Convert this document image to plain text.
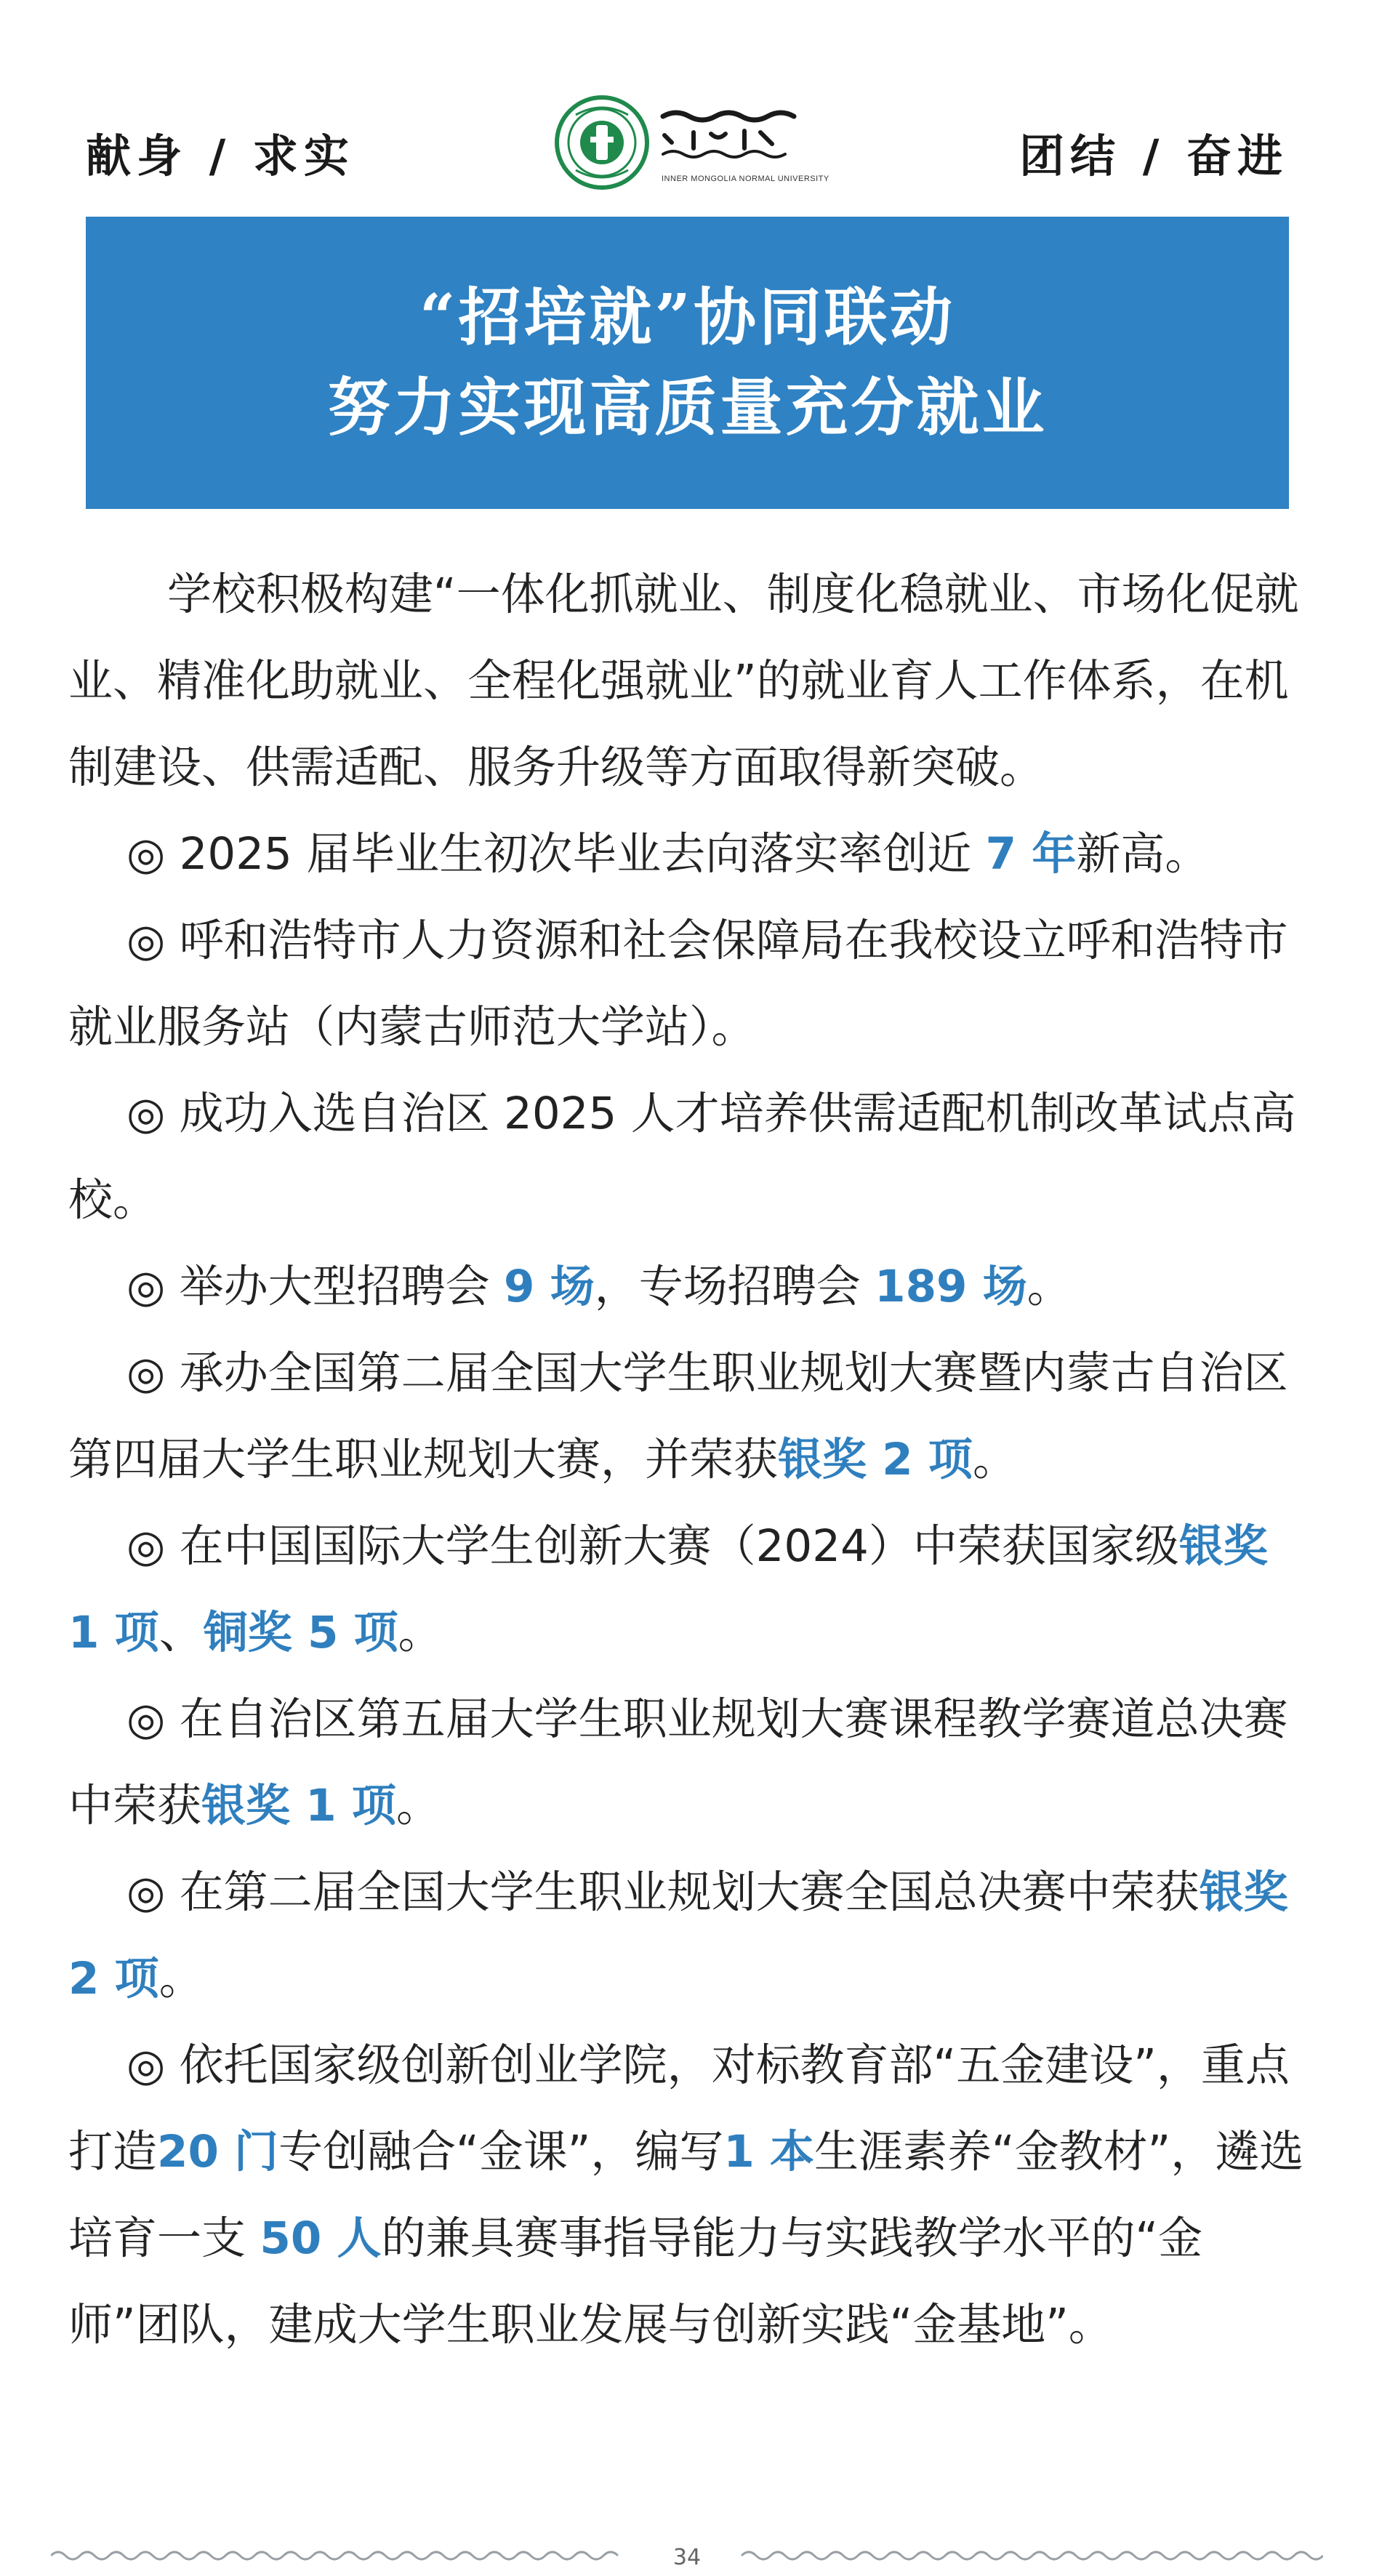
献身 / 求实	团结 / 奋进
INNER MONGOLIA NORMAL UNIVERSITY
“招培就”协同联动
努力实现高质量充分就业

学校积极构建“一体化抓就业、制度化稳就业、市场化促就业、精准化助就业、全程化强就业”的就业育人工作体系，在机制建设、供需适配、服务升级等方面取得新突破。

◎ 2025 届毕业生初次毕业去向落实率创近 7 年新高。

◎ 呼和浩特市人力资源和社会保障局在我校设立呼和浩特市就业服务站（内蒙古师范大学站）。

◎ 成功入选自治区 2025 人才培养供需适配机制改革试点高校。

◎ 举办大型招聘会 9 场，专场招聘会 189 场。

◎ 承办全国第二届全国大学生职业规划大赛暨内蒙古自治区第四届大学生职业规划大赛，并荣获银奖 2 项。

◎ 在中国国际大学生创新大赛（2024）中荣获国家级银奖 1 项、铜奖 5 项。

◎ 在自治区第五届大学生职业规划大赛课程教学赛道总决赛中荣获银奖 1 项。

◎ 在第二届全国大学生职业规划大赛全国总决赛中荣获银奖 2 项。

◎ 依托国家级创新创业学院，对标教育部“五金建设”，重点打造20 门专创融合“金课”，编写1 本生涯素养“金教材”，遴选培育一支 50 人的兼具赛事指导能力与实践教学水平的“金师”团队，建成大学生职业发展与创新实践“金基地”。

34
